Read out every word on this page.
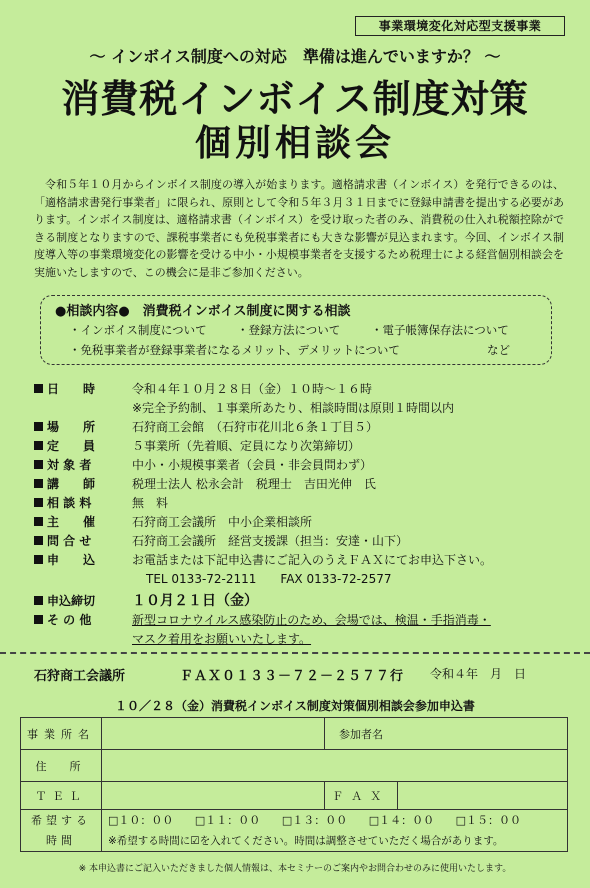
事業環境変化対応型支援事業
～ インボイス制度への対応　準備は進んでいますか？ ～
消費税インボイス制度対策
個別相談会
令和５年１０月からインボイス制度の導入が始まります。適格請求書（インボイス）を発行できるのは、「適格請求書発行事業者」に限られ、原則として令和５年３月３１日までに登録申請書を提出する必要があります。インボイス制度は、適格請求書（インボイス）を受け取った者のみ、消費税の仕入れ税額控除ができる制度となりますので、課税事業者にも免税事業者にも大きな影響が見込まれます。今回、インボイス制度導入等の事業環境変化の影響を受ける中小・小規模事業者を支援するため税理士による経営個別相談会を実施いたしますので、この機会に是非ご参加ください。
●相談内容●　消費税インボイス制度に関する相談
・インボイス制度について	・登録方法について	・電子帳簿保存法について
・免税事業者が登録事業者になるメリット、デメリットについて	など
日　　時	令和４年１０月２８日（金）１０時～１６時
※完全予約制、１事業所あたり、相談時間は原則１時間以内
場　　所	石狩商工会館　（石狩市花川北６条１丁目５）
定　　員	５事業所（先着順、定員になり次第締切）
対 象 者	中小・小規模事業者（会員・非会員問わず）
講　　師	税理士法人 松永会計　税理士　吉田光伸　氏
相 談 料	無　料
主　　催	石狩商工会議所　中小企業相談所
問 合 せ	石狩商工会議所　経営支援課（担当：安達・山下）
申　　込	お電話または下記申込書にご記入のうえＦＡＸにてお申込下さい。
TEL 0133-72-2111　　FAX 0133-72-2577
申込締切	１０月２１日（金）
そ の 他	新型コロナウイルス感染防止のため、会場では、検温・手指消毒・
マスク着用をお願いいたします。
石狩商工会議所	ＦＡＸ０１３３－７２－２５７７行 令和４年　月　日
１０／２８（金）消費税インボイス制度対策個別相談会参加申込書
事業所名		参加者名	
住　所			
ＴＥＬ		ＦＡＸ	
希望する時間	□１０：００ □１１：００ □１３：００ □１４：００ □１５：００
※希望する時間に☑を入れてください。時間は調整させていただく場合があります。		
※ 本申込書にご記入いただきました個人情報は、本セミナーのご案内やお問合わせのみに使用いたします。
